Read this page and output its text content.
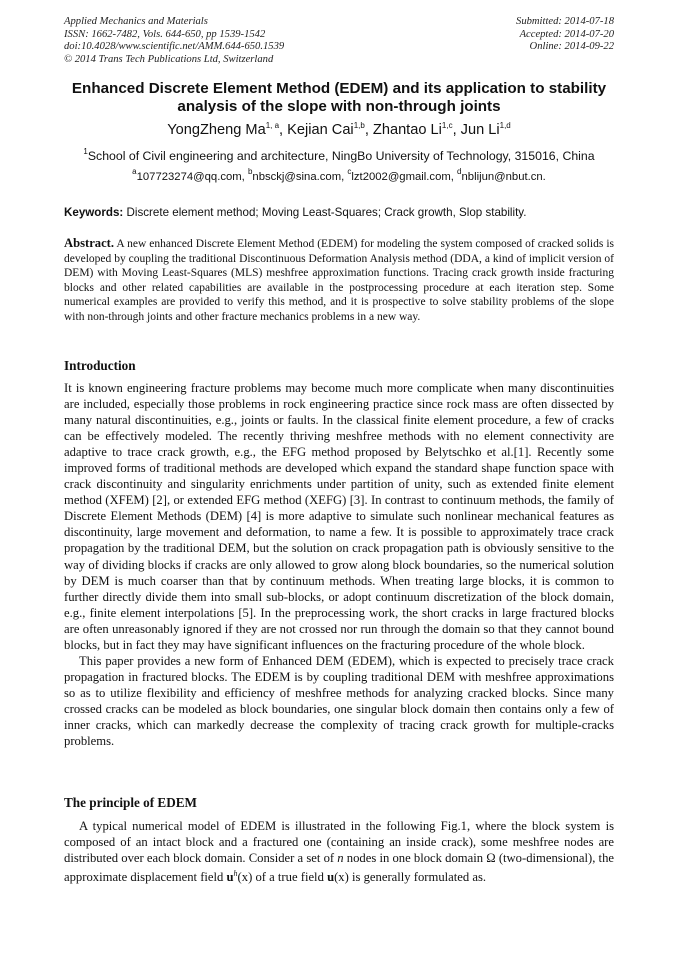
Applied Mechanics and Materials
ISSN: 1662-7482, Vols. 644-650, pp 1539-1542
doi:10.4028/www.scientific.net/AMM.644-650.1539
© 2014 Trans Tech Publications Ltd, Switzerland
Submitted: 2014-07-18
Accepted: 2014-07-20
Online: 2014-09-22
Enhanced Discrete Element Method (EDEM) and its application to stability analysis of the slope with non-through joints
YongZheng Ma$^{1, a}$, Kejian Cai$^{1,b}$, Zhantao Li$^{1,c}$, Jun Li$^{1,d}$
$^1$School of Civil engineering and architecture, NingBo University of Technology, 315016, China
$^a$107723274@qq.com, $^b$nbsckj@sina.com, $^c$lzt2002@gmail.com, $^d$nblijun@nbut.cn.
Keywords: Discrete element method; Moving Least-Squares; Crack growth, Slop stability.
Abstract. A new enhanced Discrete Element Method (EDEM) for modeling the system composed of cracked solids is developed by coupling the traditional Discontinuous Deformation Analysis method (DDA, a kind of implicit version of DEM) with Moving Least-Squares (MLS) meshfree approximation functions. Tracing crack growth inside fracturing blocks and other related capabilities are available in the postprocessing procedure at each iteration step. Some numerical examples are provided to verify this method, and it is prospective to solve stability problems of the slope with non-through joints and other fracture mechanics problems in a new way.
Introduction

It is known engineering fracture problems may become much more complicate when many discontinuities are included, especially those problems in rock engineering practice since rock mass are often dissected by many natural discontinuities, e.g., joints or faults. In the classical finite element procedure, a few of cracks can be effectively modeled. The recently thriving meshfree methods with no element connectivity are adaptive to trace crack growth, e.g., the EFG method proposed by Belytschko et al.[1]. Recently some improved forms of traditional methods are developed which expand the standard shape function space with crack discontinuity and singularity enrichments under partition of unity, such as extended finite element method (XFEM) [2], or extended EFG method (XEFG) [3]. In contrast to continuum methods, the family of Discrete Element Methods (DEM) [4] is more adaptive to simulate such nonlinear mechanical features as discontinuity, large movement and deformation, to name a few. It is possible to approximately trace crack propagation by the traditional DEM, but the solution on crack propagation path is obviously sensitive to the way of dividing blocks if cracks are only allowed to grow along block boundaries, so the numerical solution by DEM is much coarser than that by continuum methods. When treating large blocks, it is common to further directly divide them into small sub-blocks, or adopt continuum discretization of the block domain, e.g., finite element interpolations [5]. In the preprocessing work, the short cracks in large fractured blocks are often unreasonably ignored if they are not crossed nor run through the domain so that they cannot bound blocks, but in fact they may have significant influences on the fracturing procedure of the whole block.

This paper provides a new form of Enhanced DEM (EDEM), which is expected to precisely trace crack propagation in fractured blocks. The EDEM is by coupling traditional DEM with meshfree approximations so as to utilize flexibility and efficiency of meshfree methods for analyzing cracked blocks. Since many crossed cracks can be modeled as block boundaries, one singular block domain then contains only a few of inner cracks, which can markedly decrease the complexity of tracing crack growth for multiple-cracks problems.

The principle of EDEM

A typical numerical model of EDEM is illustrated in the following Fig.1, where the block system is composed of an intact block and a fractured one (containing an inside crack), some meshfree nodes are distributed over each block domain. Consider a set of n nodes in one block domain Ω (two-dimensional), the approximate displacement field $u^h(x)$ of a true field u(x) is generally formulated as.
